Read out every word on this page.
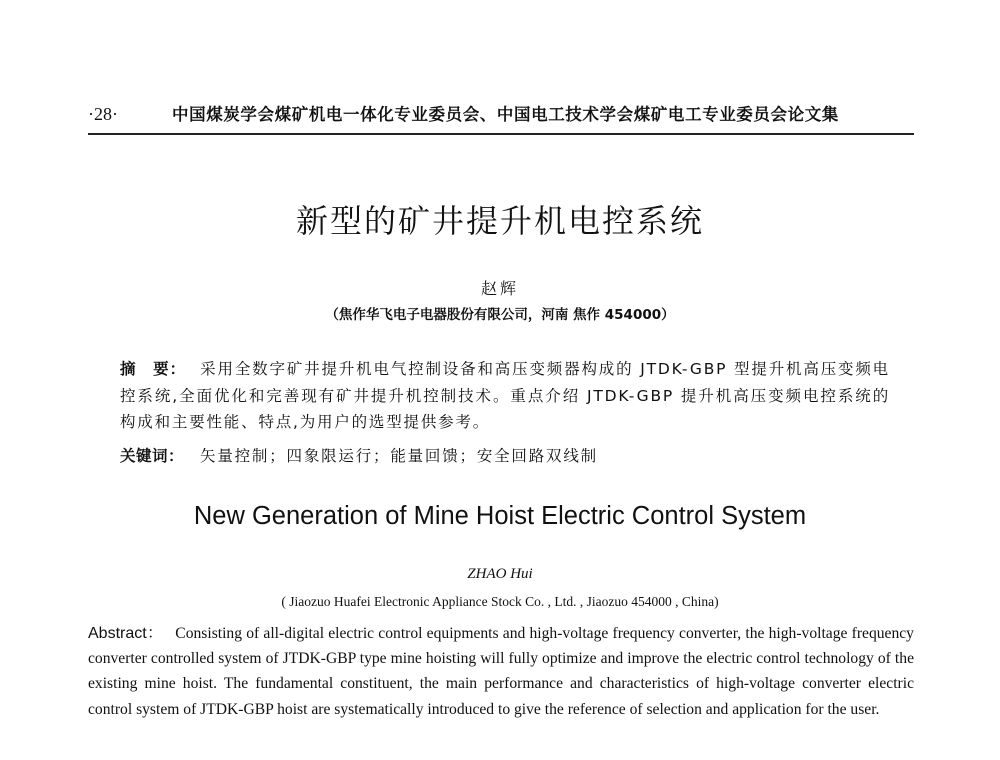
·28·	中国煤炭学会煤矿机电一体化专业委员会、中国电工技术学会煤矿电工专业委员会论文集
新型的矿井提升机电控系统
赵辉
（焦作华飞电子电器股份有限公司，河南 焦作 454000）
摘　要： 采用全数字矿井提升机电气控制设备和高压变频器构成的 JTDK-GBP 型提升机高压变频电控系统,全面优化和完善现有矿井提升机控制技术。重点介绍 JTDK-GBP 提升机高压变频电控系统的构成和主要性能、特点,为用户的选型提供参考。
关键词： 矢量控制；四象限运行；能量回馈；安全回路双线制
New Generation of Mine Hoist Electric Control System
ZHAO Hui
( Jiaozuo Huafei Electronic Appliance Stock Co. , Ltd. , Jiaozuo 454000 , China)
Abstract： Consisting of all-digital electric control equipments and high-voltage frequency converter, the high-voltage frequency converter controlled system of JTDK-GBP type mine hoisting will fully optimize and improve the electric control technology of the existing mine hoist. The fundamental constituent, the main performance and characteristics of high-voltage converter electric control system of JTDK-GBP hoist are systematically introduced to give the reference of selection and application for the user.
